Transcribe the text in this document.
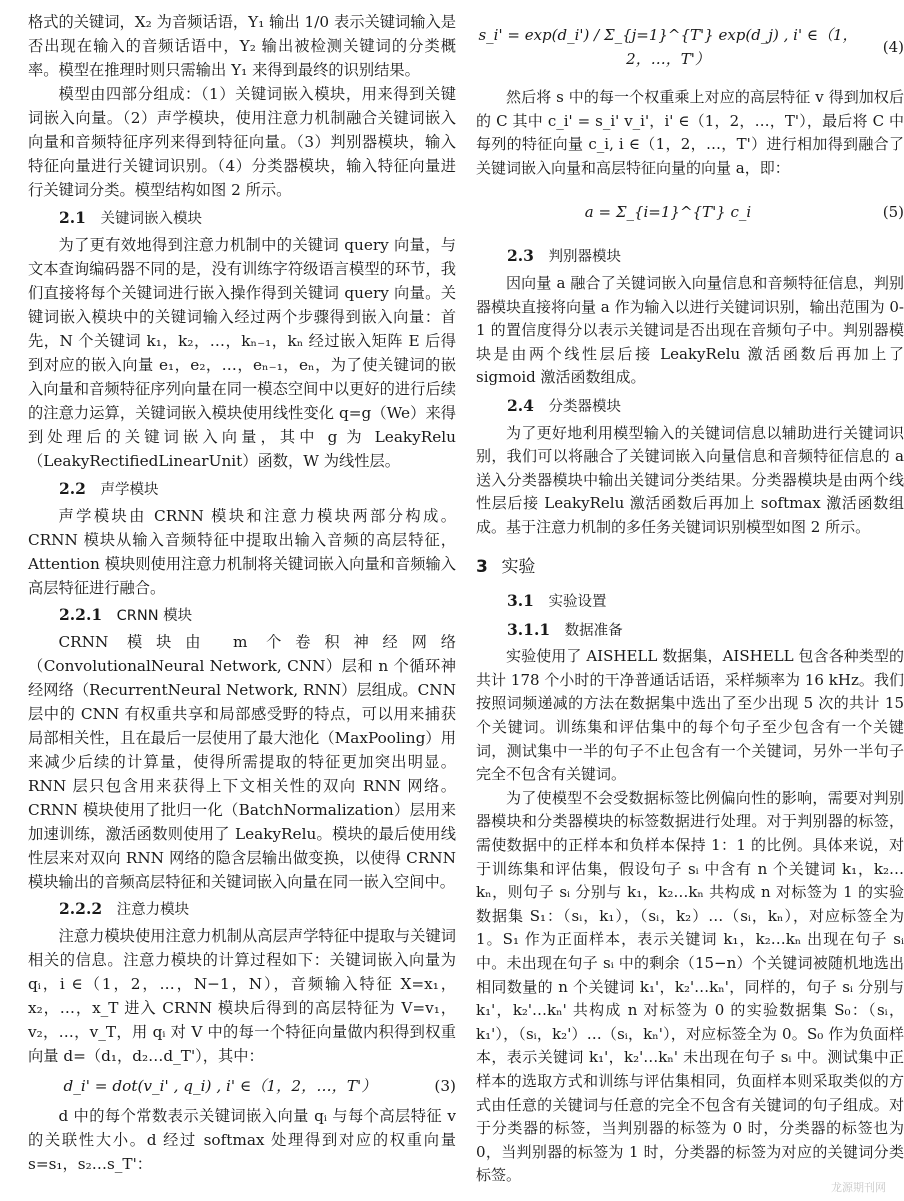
格式的关键词，X₂ 为音频话语，Y₁ 输出 1/0 表示关键词输入是否出现在输入的音频话语中，Y₂ 输出被检测关键词的分类概率。模型在推理时则只需输出 Y₁ 来得到最终的识别结果。

模型由四部分组成：（1）关键词嵌入模块，用来得到关键词嵌入向量。（2）声学模块，使用注意力机制融合关键词嵌入向量和音频特征序列来得到特征向量。（3）判别器模块，输入特征向量进行关键词识别。（4）分类器模块，输入特征向量进行关键词分类。模型结构如图 2 所示。

2.1 关键词嵌入模块

为了更有效地得到注意力机制中的关键词 query 向量，与文本查询编码器不同的是，没有训练字符级语言模型的环节，我们直接将每个关键词进行嵌入操作得到关键词 query 向量。关键词嵌入模块中的关键词输入经过两个步骤得到嵌入向量：首先，N 个关键词 k₁，k₂，…，kₙ₋₁，kₙ 经过嵌入矩阵 E 后得到对应的嵌入向量 e₁，e₂，…，eₙ₋₁，eₙ，为了使关键词的嵌入向量和音频特征序列向量在同一模态空间中以更好的进行后续的注意力运算，关键词嵌入模块使用线性变化 q=g（We）来得到处理后的关键词嵌入向量，其中 g 为 LeakyRelu（LeakyRectifiedLinearUnit）函数，W 为线性层。

2.2 声学模块

声学模块由 CRNN 模块和注意力模块两部分构成。CRNN 模块从输入音频特征中提取出输入音频的高层特征，Attention 模块则使用注意力机制将关键词嵌入向量和音频输入高层特征进行融合。

2.2.1 CRNN 模块

CRNN 模块由 m 个卷积神经网络（ConvolutionalNeural Network, CNN）层和 n 个循环神经网络（RecurrentNeural Network, RNN）层组成。CNN 层中的 CNN 有权重共享和局部感受野的特点，可以用来捕获局部相关性，且在最后一层使用了最大池化（MaxPooling）用来减少后续的计算量，使得所需提取的特征更加突出明显。RNN 层只包含用来获得上下文相关性的双向 RNN 网络。CRNN 模块使用了批归一化（BatchNormalization）层用来加速训练，激活函数则使用了 LeakyRelu。模块的最后使用线性层来对双向 RNN 网络的隐含层输出做变换，以使得 CRNN 模块输出的音频高层特征和关键词嵌入向量在同一嵌入空间中。

2.2.2 注意力模块

注意力模块使用注意力机制从高层声学特征中提取与关键词相关的信息。注意力模块的计算过程如下：关键词嵌入向量为 qᵢ，i ∈（1，2，…，N−1，N），音频输入特征 X=x₁，x₂，…，x_T 进入 CRNN 模块后得到的高层特征为 V=v₁，v₂，…，v_T，用 qᵢ 对 V 中的每一个特征向量做内积得到权重向量 d=（d₁，d₂…d_T'），其中：

d_i' = dot(v_i' , q_i) , i' ∈（1，2，…，T'）	(3)

d 中的每个常数表示关键词嵌入向量 qᵢ 与每个高层特征 v 的关联性大小。d 经过 softmax 处理得到对应的权重向量 s=s₁，s₂…s_T'：

s_i' = exp(d_i') / Σ_{j=1}^{T'} exp(d_j) , i' ∈（1，2，…，T'）
(4)

然后将 s 中的每一个权重乘上对应的高层特征 v 得到加权后的 C 其中 c_i' = s_i' v_i'，i' ∈（1，2，…，T'），最后将 C 中每列的特征向量 c_i, i ∈（1，2，…，T'）进行相加得到融合了关键词嵌入向量和高层特征向量的向量 a，即：

a = Σ_{i=1}^{T'} c_i	(5)
2.3 判别器模块

因向量 a 融合了关键词嵌入向量信息和音频特征信息，判别器模块直接将向量 a 作为输入以进行关键词识别，输出范围为 0-1 的置信度得分以表示关键词是否出现在音频句子中。判别器模块是由两个线性层后接 LeakyRelu 激活函数后再加上了 sigmoid 激活函数组成。

2.4 分类器模块

为了更好地利用模型输入的关键词信息以辅助进行关键词识别，我们可以将融合了关键词嵌入向量信息和音频特征信息的 a 送入分类器模块中输出关键词分类结果。分类器模块是由两个线性层后接 LeakyRelu 激活函数后再加上 softmax 激活函数组成。基于注意力机制的多任务关键词识别模型如图 2 所示。

3 实验
3.1 实验设置
3.1.1 数据准备

实验使用了 AISHELL 数据集，AISHELL 包含各种类型的共计 178 个小时的干净普通话话语，采样频率为 16 kHz。我们按照词频递减的方法在数据集中选出了至少出现 5 次的共计 15 个关键词。训练集和评估集中的每个句子至少包含有一个关键词，测试集中一半的句子不止包含有一个关键词，另外一半句子完全不包含有关键词。

为了使模型不会受数据标签比例偏向性的影响，需要对判别器模块和分类器模块的标签数据进行处理。对于判别器的标签，需使数据中的正样本和负样本保持 1：1 的比例。具体来说，对于训练集和评估集，假设句子 sᵢ 中含有 n 个关键词 k₁，k₂…kₙ，则句子 sᵢ 分别与 k₁，k₂…kₙ 共构成 n 对标签为 1 的实验数据集 S₁：（sᵢ，k₁），（sᵢ，k₂）…（sᵢ，kₙ），对应标签全为 1。S₁ 作为正面样本，表示关键词 k₁，k₂…kₙ 出现在句子 sᵢ 中。未出现在句子 sᵢ 中的剩余（15−n）个关键词被随机地选出相同数量的 n 个关键词 k₁'，k₂'…kₙ'，同样的，句子 sᵢ 分别与 k₁'，k₂'…kₙ' 共构成 n 对标签为 0 的实验数据集 S₀：（sᵢ，k₁'），（sᵢ，k₂'）…（sᵢ，kₙ'），对应标签全为 0。S₀ 作为负面样本，表示关键词 k₁'，k₂'…kₙ' 未出现在句子 sᵢ 中。测试集中正样本的选取方式和训练与评估集相同，负面样本则采取类似的方式由任意的关键词与任意的完全不包含有关键词的句子组成。对于分类器的标签，当判别器的标签为 0 时，分类器的标签也为 0，当判别器的标签为 1 时，分类器的标签为对应的关键词分类标签。

龙源期刊网
